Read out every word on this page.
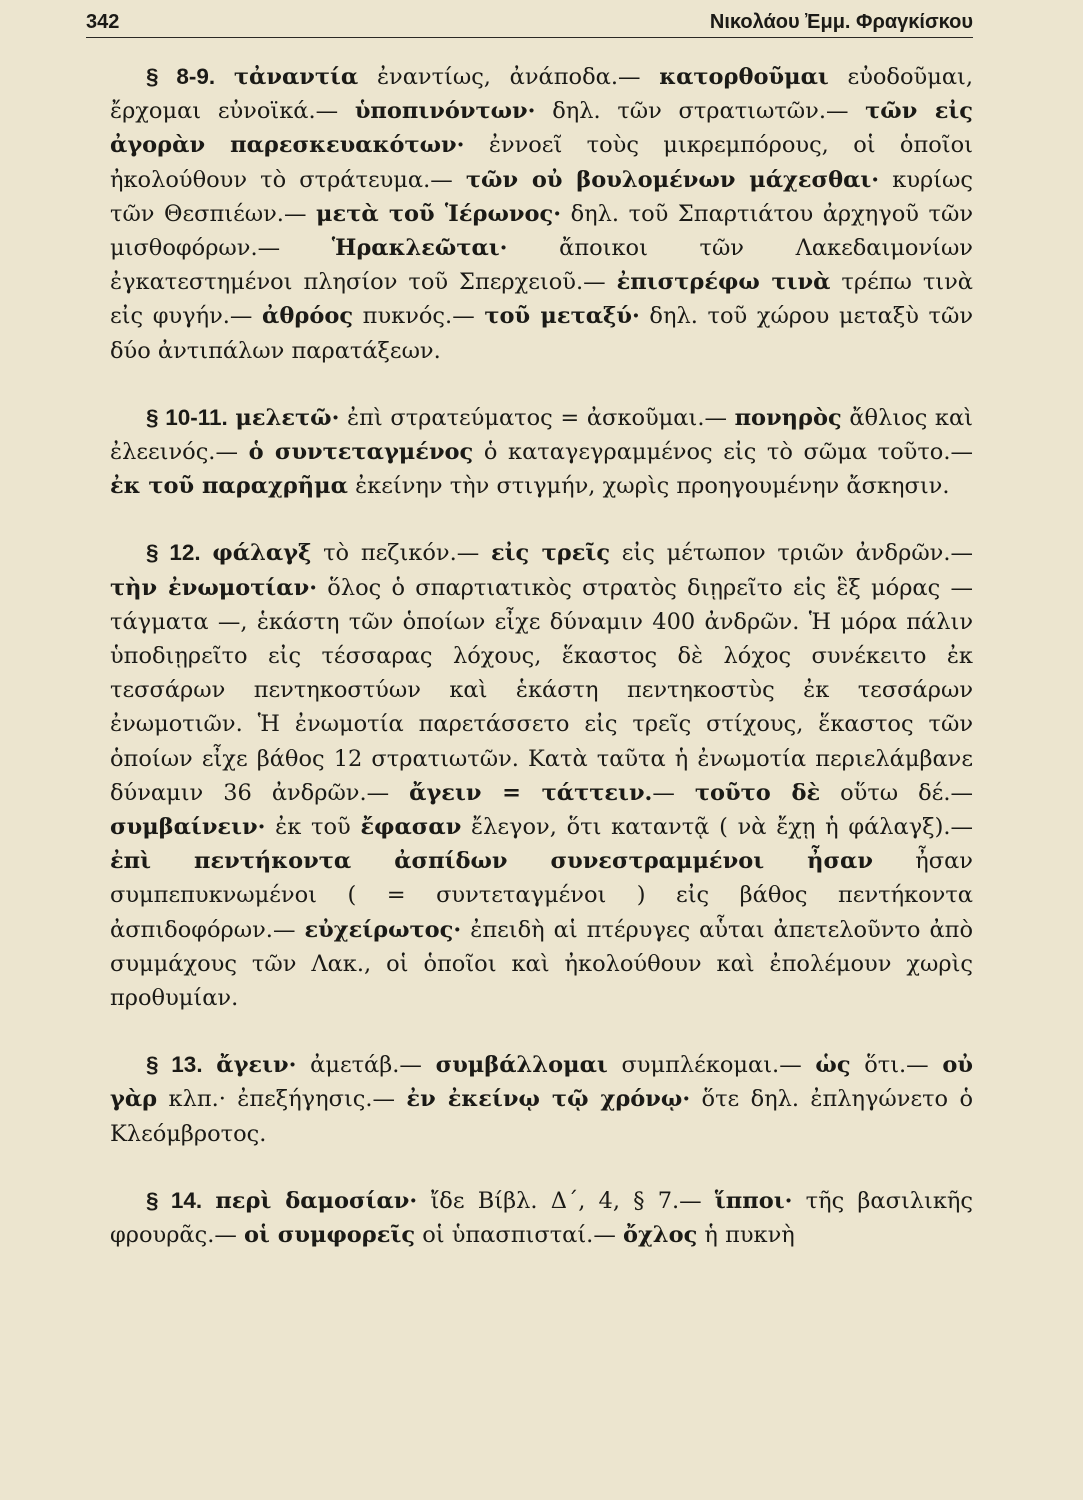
342	Νικολάου Ἐμμ. Φραγκίσκου

§ 8-9. τἀναντία ἐναντίως, ἀνάποδα.— κατορθοῦμαι εὐοδοῦμαι, ἔρχομαι εὐνοϊκά.— ὑποπινόντων· δηλ. τῶν στρατιωτῶν.— τῶν εἰς ἀγορὰν παρεσκευακότων· ἐννοεῖ τοὺς μικρεμπόρους, οἱ ὁποῖοι ἠκολούθουν τὸ στράτευμα.— τῶν οὐ βουλομένων μάχεσθαι· κυρίως τῶν Θεσπιέων.— μετὰ τοῦ Ἱέρωνος· δηλ. τοῦ Σπαρτιάτου ἀρχηγοῦ τῶν μισθοφόρων.— Ἡρακλεῶται· ἄποικοι τῶν Λακεδαιμονίων ἐγκατεστημένοι πλησίον τοῦ Σπερχειοῦ.— ἐπιστρέφω τινὰ τρέπω τινὰ εἰς φυγήν.— ἀθρόος πυκνός.— τοῦ μεταξύ· δηλ. τοῦ χώρου μεταξὺ τῶν δύο ἀντιπάλων παρατάξεων.

§ 10-11. μελετῶ· ἐπὶ στρατεύματος = ἀσκοῦμαι.— πονηρὸς ἄθλιος καὶ ἐλεεινός.— ὁ συντεταγμένος ὁ καταγεγραμμένος εἰς τὸ σῶμα τοῦτο.— ἐκ τοῦ παραχρῆμα ἐκείνην τὴν στιγμήν, χωρὶς προηγουμένην ἄσκησιν.

§ 12. φάλαγξ τὸ πεζικόν.— εἰς τρεῖς εἰς μέτωπον τριῶν ἀνδρῶν.— τὴν ἐνωμοτίαν· ὅλος ὁ σπαρτιατικὸς στρατὸς διῃρεῖτο εἰς ἓξ μόρας — τάγματα —, ἑκάστη τῶν ὁποίων εἶχε δύναμιν 400 ἀνδρῶν. Ἡ μόρα πάλιν ὑποδιῃρεῖτο εἰς τέσσαρας λόχους, ἕκαστος δὲ λόχος συνέκειτο ἐκ τεσσάρων πεντηκοστύων καὶ ἑκάστη πεντηκοστὺς ἐκ τεσσάρων ἐνωμοτιῶν. Ἡ ἐνωμοτία παρετάσσετο εἰς τρεῖς στίχους, ἕκαστος τῶν ὁποίων εἶχε βάθος 12 στρατιωτῶν. Κατὰ ταῦτα ἡ ἐνωμοτία περιελάμβανε δύναμιν 36 ἀνδρῶν.— ἄγειν = τάττειν.— τοῦτο δὲ οὕτω δέ.— συμβαίνειν· ἐκ τοῦ ἔφασαν ἔλεγον, ὅτι καταντᾷ ( νὰ ἔχῃ ἡ φάλαγξ).— ἐπὶ πεντήκοντα ἀσπίδων συνεστραμμένοι ἦσαν ἦσαν συμπεπυκνωμένοι ( = συντεταγμένοι ) εἰς βάθος πεντήκοντα ἀσπιδοφόρων.— εὐχείρωτος· ἐπειδὴ αἱ πτέρυγες αὗται ἀπετελοῦντο ἀπὸ συμμάχους τῶν Λακ., οἱ ὁποῖοι καὶ ἠκολούθουν καὶ ἐπολέμουν χωρὶς προθυμίαν.

§ 13. ἄγειν· ἀμετάβ.— συμβάλλομαι συμπλέκομαι.— ὡς ὅτι.— οὐ γὰρ κλπ.· ἐπεξήγησις.— ἐν ἐκείνῳ τῷ χρόνῳ· ὅτε δηλ. ἐπληγώνετο ὁ Κλεόμβροτος.

§ 14. περὶ δαμοσίαν· ἴδε Βίβλ. Δ΄, 4, § 7.— ἵπποι· τῆς βασιλικῆς φρουρᾶς.— οἱ συμφορεῖς οἱ ὑπασπισταί.— ὄχλος ἡ πυκνὴ
